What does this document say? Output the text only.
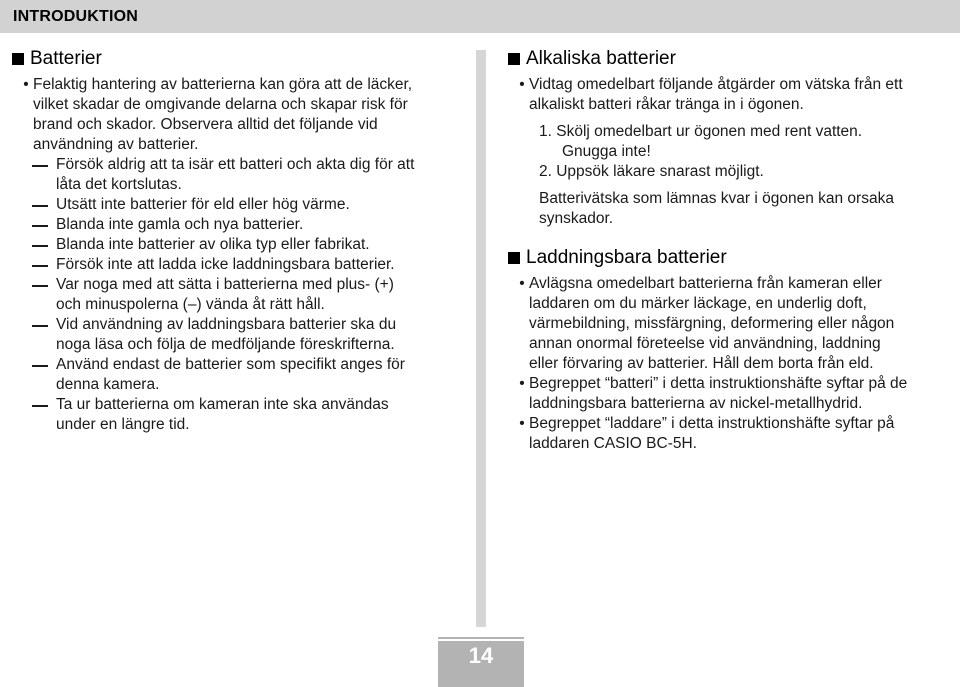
INTRODUKTION
Batterier
• Felaktig hantering av batterierna kan göra att de läcker,
vilket skadar de omgivande delarna och skapar risk för
brand och skador. Observera alltid det följande vid
användning av batterier.
Försök aldrig att ta isär ett batteri och akta dig för att
låta det kortslutas.
Utsätt inte batterier för eld eller hög värme.
Blanda inte gamla och nya batterier.
Blanda inte batterier av olika typ eller fabrikat.
Försök inte att ladda icke laddningsbara batterier.
Var noga med att sätta i batterierna med plus- (+)
och minuspolerna (–) vända åt rätt håll.
Vid användning av laddningsbara batterier ska du
noga läsa och följa de medföljande föreskrifterna.
Använd endast de batterier som specifikt anges för
denna kamera.
Ta ur batterierna om kameran inte ska användas
under en längre tid.
Alkaliska batterier
• Vidtag omedelbart följande åtgärder om vätska från ett
alkaliskt batteri råkar tränga in i ögonen.
1. Skölj omedelbart ur ögonen med rent vatten.
Gnugga inte!
2. Uppsök läkare snarast möjligt.
Batterivätska som lämnas kvar i ögonen kan orsaka
synskador.
Laddningsbara batterier
• Avlägsna omedelbart batterierna från kameran eller
laddaren om du märker läckage, en underlig doft,
värmebildning, missfärgning, deformering eller någon
annan onormal företeelse vid användning, laddning
eller förvaring av batterier. Håll dem borta från eld.
• Begreppet “batteri” i detta instruktionshäfte syftar på de
laddningsbara batterierna av nickel-metallhydrid.
• Begreppet “laddare” i detta instruktionshäfte syftar på
laddaren CASIO BC-5H.
14
